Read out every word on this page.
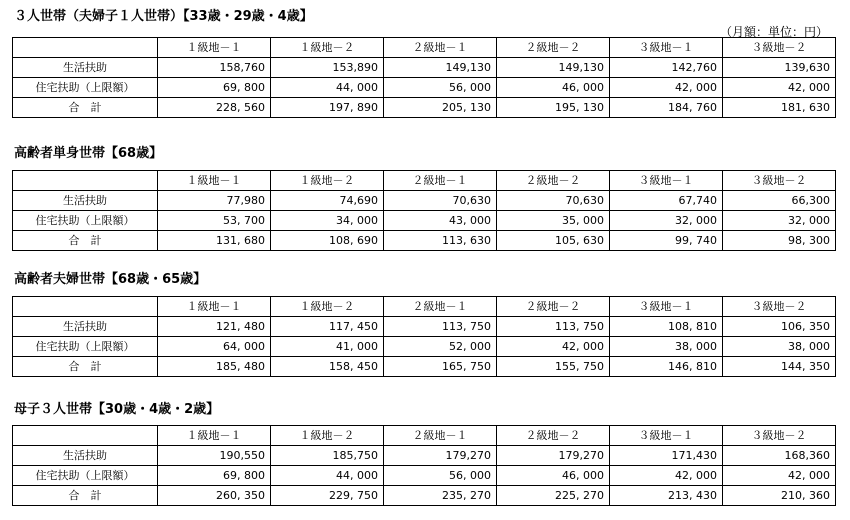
３人世帯（夫婦子１人世帯）【33歳・29歳・4歳】
（月額：単位：円）
	１級地－１	１級地－２	２級地－１	２級地－２	３級地－１	３級地－２
生活扶助	158,760	153,890	149,130	149,130	142,760	139,630
住宅扶助（上限額）	69, 800	44, 000	56, 000	46, 000	42, 000	42, 000
合　計	228, 560	197, 890	205, 130	195, 130	184, 760	181, 630
高齢者単身世帯【68歳】
	１級地－１	１級地－２	２級地－１	２級地－２	３級地－１	３級地－２
生活扶助	77,980	74,690	70,630	70,630	67,740	66,300
住宅扶助（上限額）	53, 700	34, 000	43, 000	35, 000	32, 000	32, 000
合　計	131, 680	108, 690	113, 630	105, 630	99, 740	98, 300
高齢者夫婦世帯【68歳・65歳】
	１級地－１	１級地－２	２級地－１	２級地－２	３級地－１	３級地－２
生活扶助	121, 480	117, 450	113, 750	113, 750	108, 810	106, 350
住宅扶助（上限額）	64, 000	41, 000	52, 000	42, 000	38, 000	38, 000
合　計	185, 480	158, 450	165, 750	155, 750	146, 810	144, 350
母子３人世帯【30歳・4歳・2歳】
	１級地－１	１級地－２	２級地－１	２級地－２	３級地－１	３級地－２
生活扶助	190,550	185,750	179,270	179,270	171,430	168,360
住宅扶助（上限額）	69, 800	44, 000	56, 000	46, 000	42, 000	42, 000
合　計	260, 350	229, 750	235, 270	225, 270	213, 430	210, 360
